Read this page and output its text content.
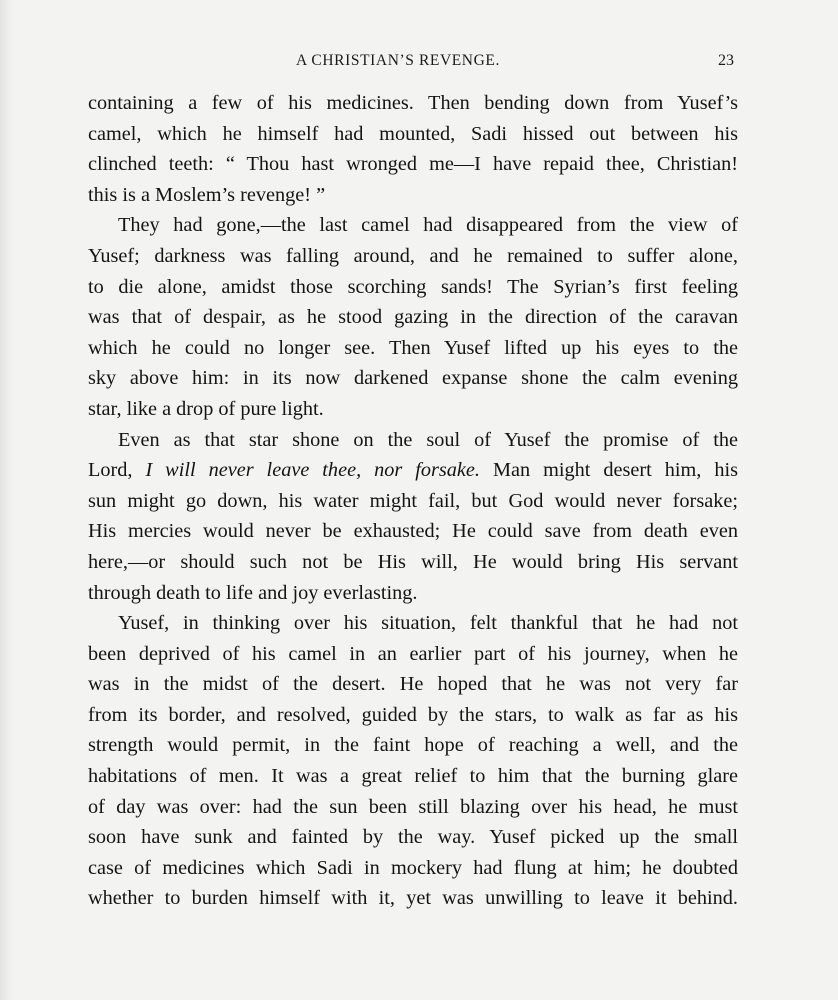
A CHRISTIAN’S REVENGE.	23
containing a few of his medicines. Then bending down from Yusef’s
camel, which he himself had mounted, Sadi hissed out between his
clinched teeth: “ Thou hast wronged me—I have repaid thee, Christian!
this is a Moslem’s revenge! ”
They had gone,—the last camel had disappeared from the view of
Yusef; darkness was falling around, and he remained to suffer alone,
to die alone, amidst those scorching sands! The Syrian’s first feeling
was that of despair, as he stood gazing in the direction of the caravan
which he could no longer see. Then Yusef lifted up his eyes to the
sky above him: in its now darkened expanse shone the calm evening
star, like a drop of pure light.
Even as that star shone on the soul of Yusef the promise of the
Lord, I will never leave thee, nor forsake. Man might desert him, his
sun might go down, his water might fail, but God would never forsake;
His mercies would never be exhausted; He could save from death even
here,—or should such not be His will, He would bring His servant
through death to life and joy everlasting.
Yusef, in thinking over his situation, felt thankful that he had not
been deprived of his camel in an earlier part of his journey, when he
was in the midst of the desert. He hoped that he was not very far
from its border, and resolved, guided by the stars, to walk as far as his
strength would permit, in the faint hope of reaching a well, and the
habitations of men. It was a great relief to him that the burning glare
of day was over: had the sun been still blazing over his head, he must
soon have sunk and fainted by the way. Yusef picked up the small
case of medicines which Sadi in mockery had flung at him; he doubted
whether to burden himself with it, yet was unwilling to leave it behind.
